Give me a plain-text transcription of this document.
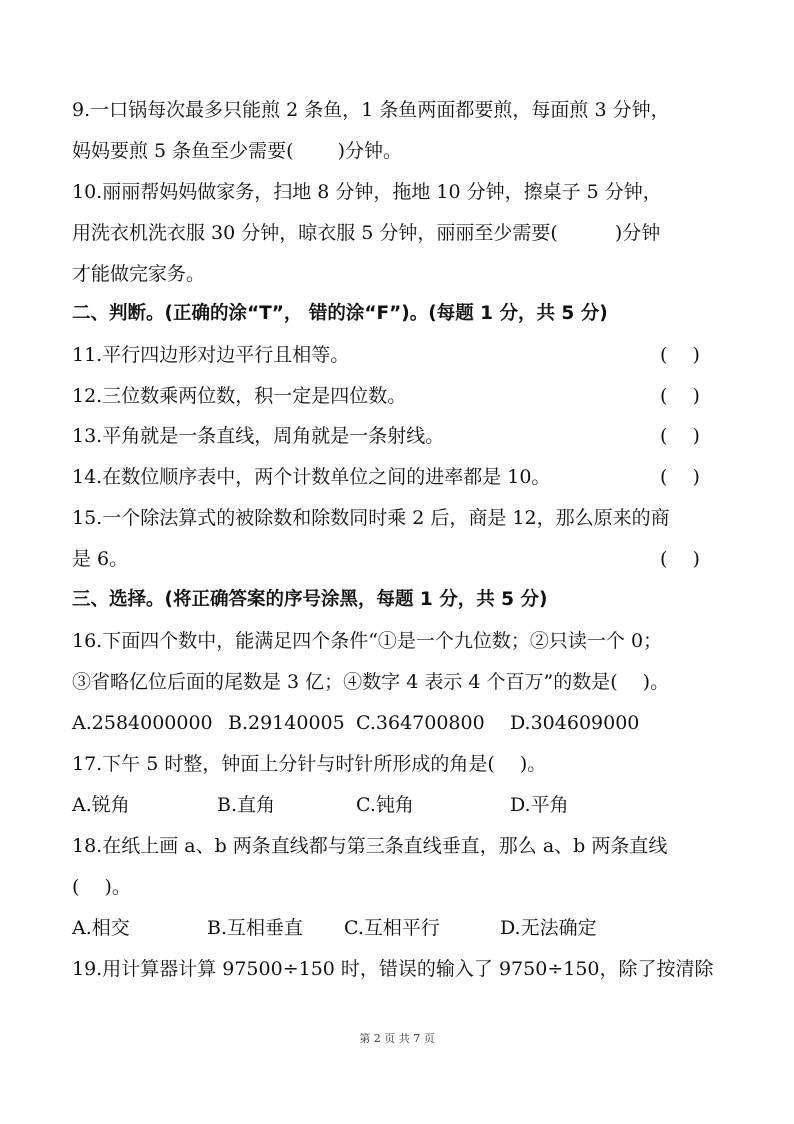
9.一口锅每次最多只能煎 2 条鱼，1 条鱼两面都要煎，每面煎 3 分钟，
妈妈要煎 5 条鱼至少需要(　　 )分钟。
10.丽丽帮妈妈做家务，扫地 8 分钟，拖地 10 分钟，擦桌子 5 分钟，
用洗衣机洗衣服 30 分钟，晾衣服 5 分钟，丽丽至少需要(　　　)分钟
才能做完家务。
二、判断。(正确的涂“T”， 错的涂“F”)。(每题 1 分，共 5 分)
11.平行四边形对边平行且相等。	(　 )
12.三位数乘两位数，积一定是四位数。	(　 )
13.平角就是一条直线，周角就是一条射线。	(　 )
14.在数位顺序表中，两个计数单位之间的进率都是 10。	(　 )
15.一个除法算式的被除数和除数同时乘 2 后，商是 12，那么原来的商
是 6。	(　 )
三、选择。(将正确答案的序号涂黑，每题 1 分，共 5 分)
16.下面四个数中，能满足四个条件“①是一个九位数；②只读一个 0；
③省略亿位后面的尾数是 3 亿；④数字 4 表示 4 个百万”的数是(　 )。
A.2584000000 B.29140005 C.364700800 D.304609000
17.下午 5 时整，钟面上分针与时针所形成的角是(　 )。
A.锐角	B.直角	C.钝角	D.平角
18.在纸上画 a、b 两条直线都与第三条直线垂直，那么 a、b 两条直线
(　 )。
A.相交	B.互相垂直 C.互相平行	D.无法确定
19.用计算器计算 97500÷150 时，错误的输入了 9750÷150，除了按清除
第 2 页 共 7 页
